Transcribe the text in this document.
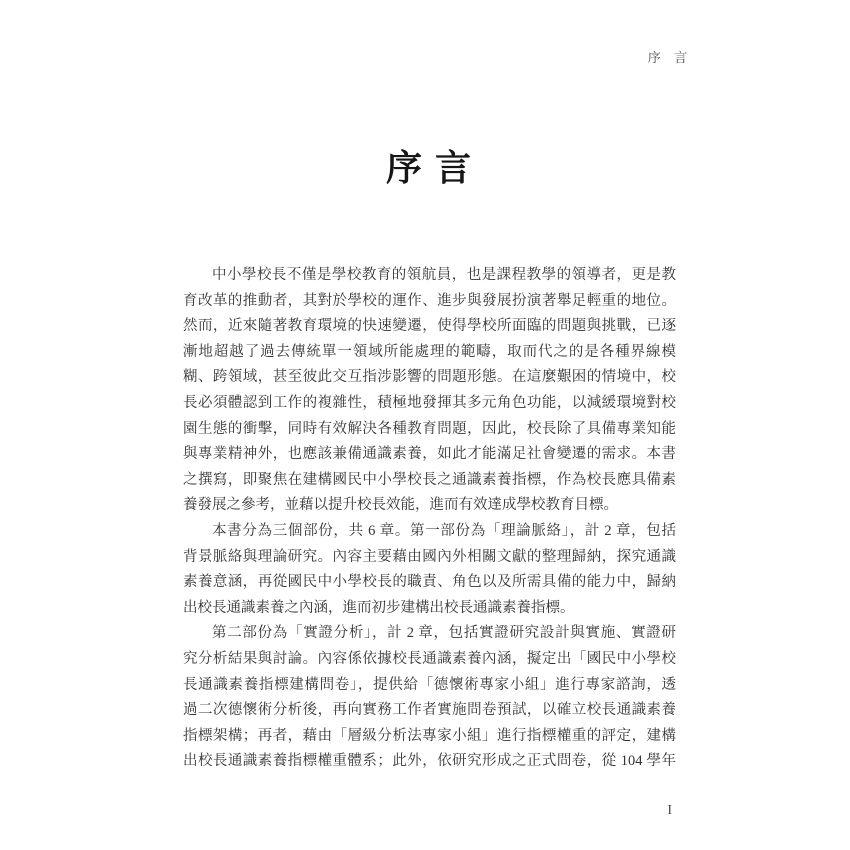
序 言
序 言
中小學校長不僅是學校教育的領航員，也是課程教學的領導者，更是教
育改革的推動者，其對於學校的運作、進步與發展扮演著舉足輕重的地位。
然而，近來隨著教育環境的快速變遷，使得學校所面臨的問題與挑戰，已逐
漸地超越了過去傳統單一領域所能處理的範疇，取而代之的是各種界線模
糊、跨領域，甚至彼此交互指涉影響的問題形態。在這麼艱困的情境中，校
長必須體認到工作的複雜性，積極地發揮其多元角色功能，以減緩環境對校
園生態的衝擊，同時有效解決各種教育問題，因此，校長除了具備專業知能
與專業精神外，也應該兼備通識素養，如此才能滿足社會變遷的需求。本書
之撰寫，即聚焦在建構國民中小學校長之通識素養指標，作為校長應具備素
養發展之參考，並藉以提升校長效能，進而有效達成學校教育目標。
本書分為三個部份，共 6 章。第一部份為「理論脈絡」，計 2 章，包括
背景脈絡與理論研究。內容主要藉由國內外相關文獻的整理歸納，探究通識
素養意涵，再從國民中小學校長的職責、角色以及所需具備的能力中，歸納
出校長通識素養之內涵，進而初步建構出校長通識素養指標。
第二部份為「實證分析」，計 2 章，包括實證研究設計與實施、實證研
究分析結果與討論。內容係依據校長通識素養內涵，擬定出「國民中小學校
長通識素養指標建構問卷」，提供給「德懷術專家小組」進行專家諮詢，透
過二次德懷術分析後，再向實務工作者實施問卷預試，以確立校長通識素養
指標架構；再者，藉由「層級分析法專家小組」進行指標權重的評定，建構
出校長通識素養指標權重體系；此外，依研究形成之正式問卷，從 104 學年
I
